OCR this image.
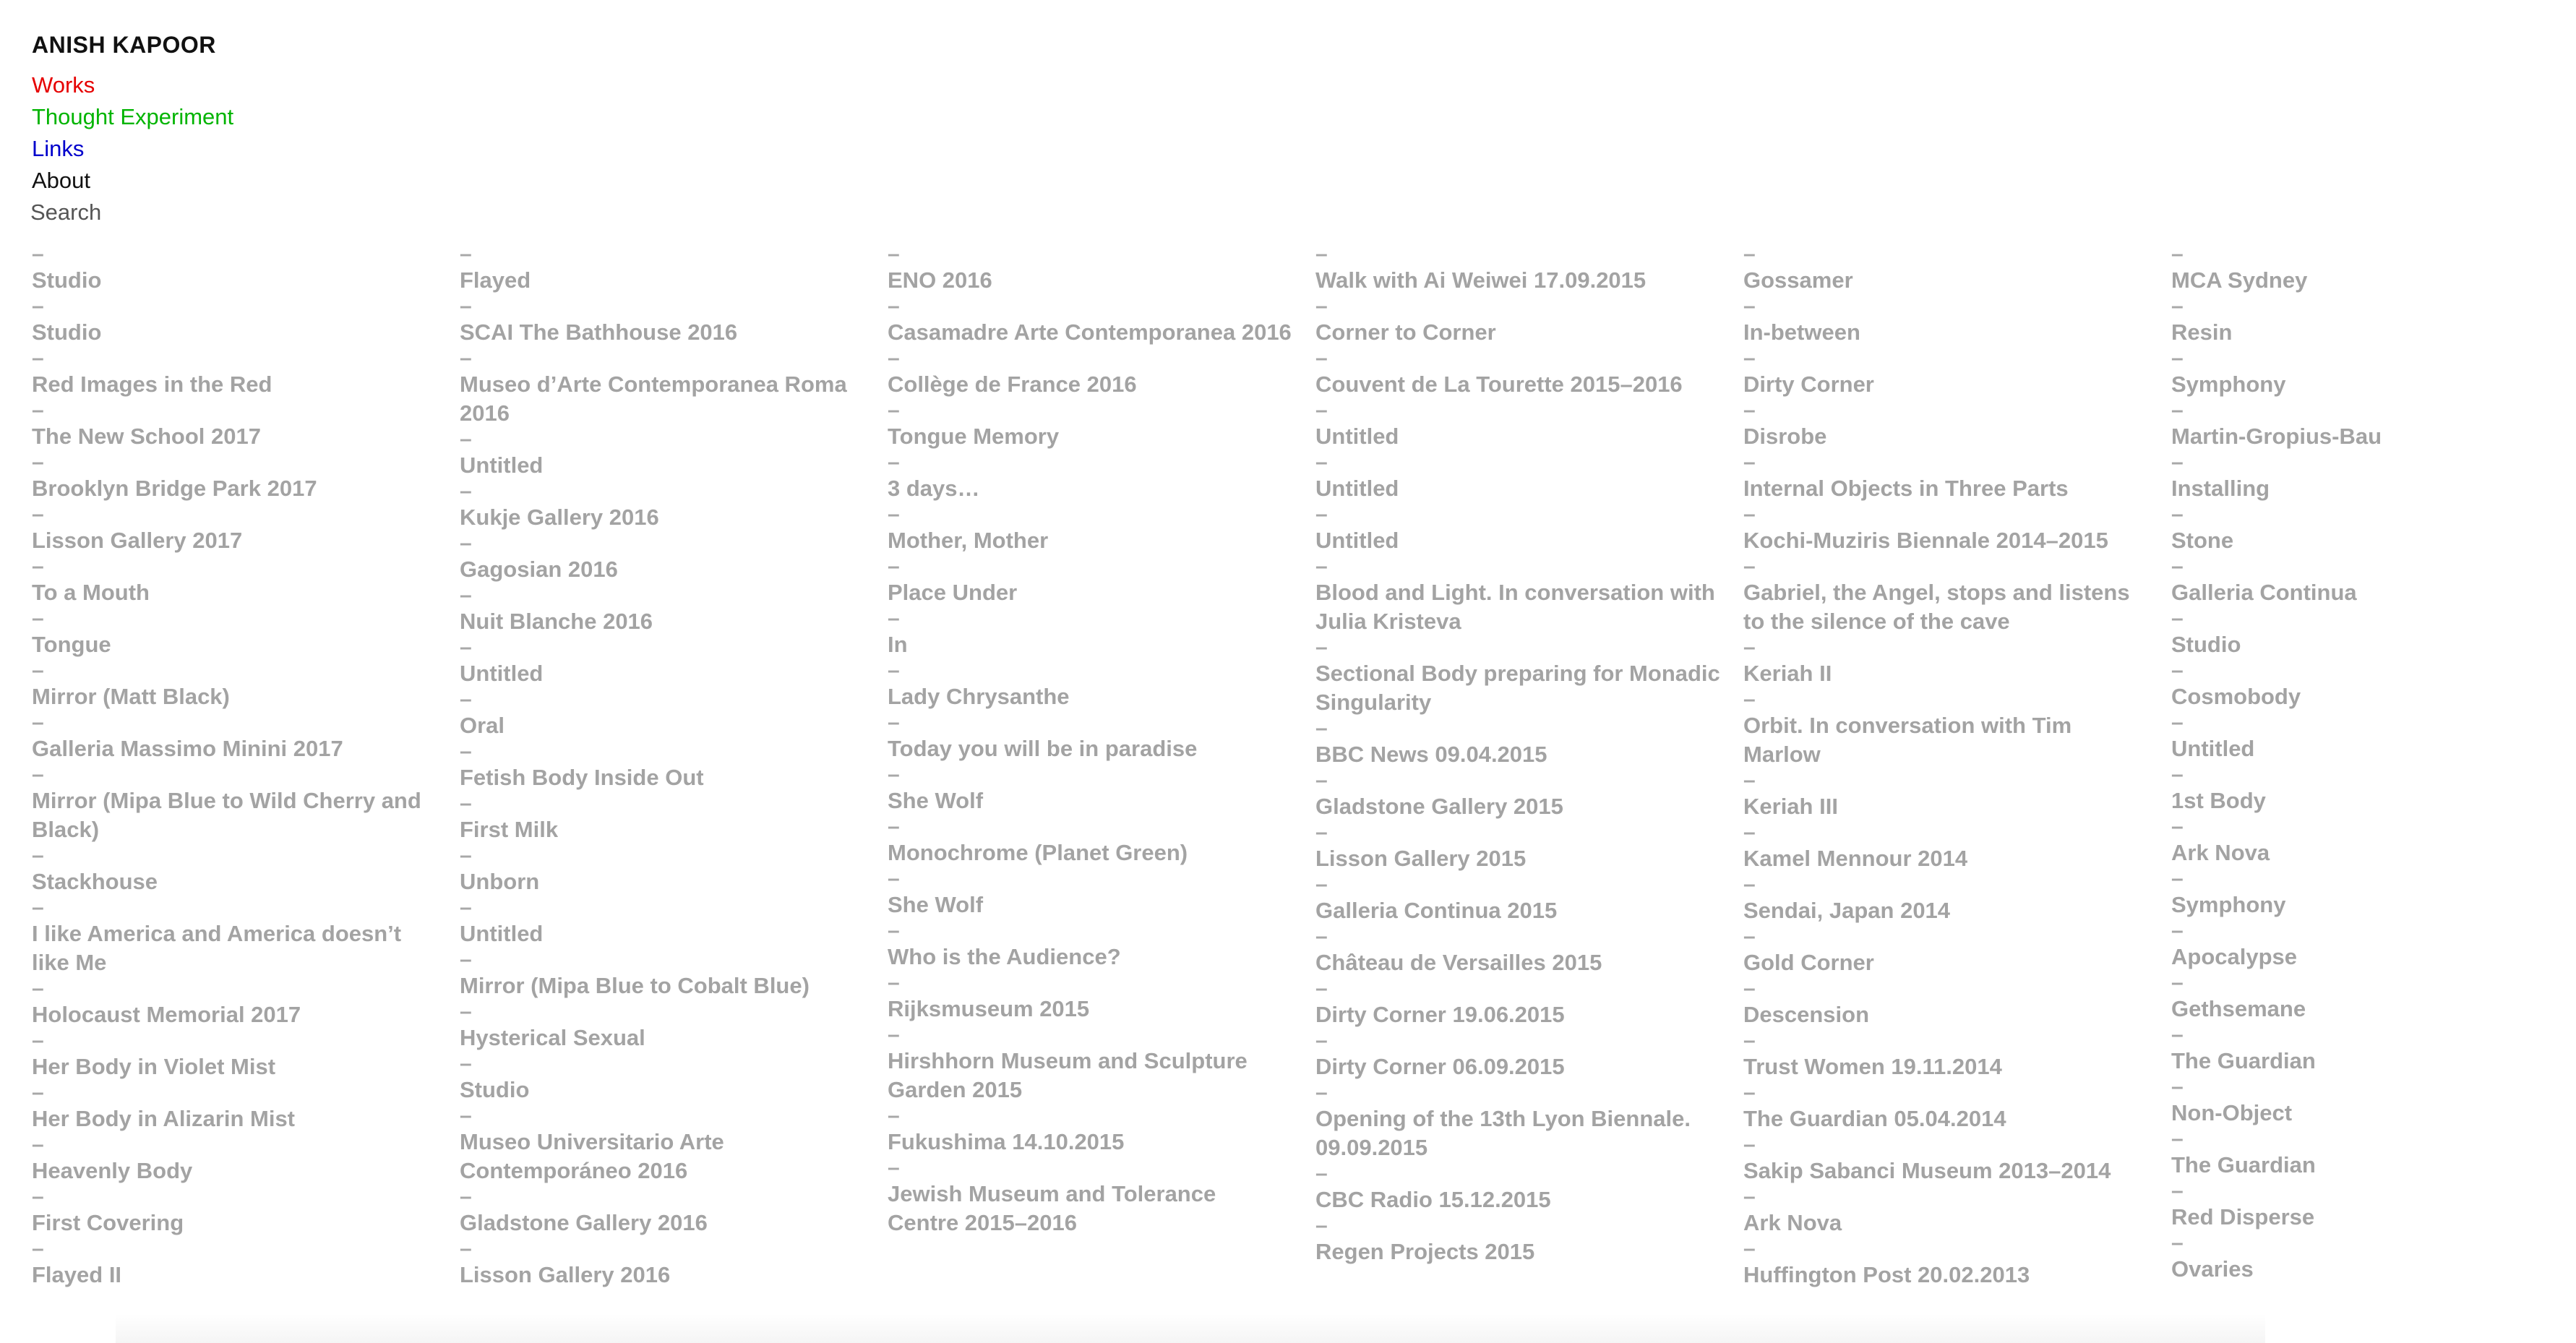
ANISH KAPOOR
Works
Thought Experiment
Links
About
Search
–
Studio
–
Studio
–
Red Images in the Red
–
The New School 2017
–
Brooklyn Bridge Park 2017
–
Lisson Gallery 2017
–
To a Mouth
–
Tongue
–
Mirror (Matt Black)
–
Galleria Massimo Minini 2017
–
Mirror (Mipa Blue to Wild Cherry and Black)
–
Stackhouse
–
I like America and America doesn’t like Me
–
Holocaust Memorial 2017
–
Her Body in Violet Mist
–
Her Body in Alizarin Mist
–
Heavenly Body
–
First Covering
–
Flayed II
–
Flayed
–
SCAI The Bathhouse 2016
–
Museo d’Arte Contemporanea Roma 2016
–
Untitled
–
Kukje Gallery 2016
–
Gagosian 2016
–
Nuit Blanche 2016
–
Untitled
–
Oral
–
Fetish Body Inside Out
–
First Milk
–
Unborn
–
Untitled
–
Mirror (Mipa Blue to Cobalt Blue)
–
Hysterical Sexual
–
Studio
–
Museo Universitario Arte Contemporáneo 2016
–
Gladstone Gallery 2016
–
Lisson Gallery 2016
–
ENO 2016
–
Casamadre Arte Contemporanea 2016
–
Collège de France 2016
–
Tongue Memory
–
3 days…
–
Mother, Mother
–
Place Under
–
In
–
Lady Chrysanthe
–
Today you will be in paradise
–
She Wolf
–
Monochrome (Planet Green)
–
She Wolf
–
Who is the Audience?
–
Rijksmuseum 2015
–
Hirshhorn Museum and Sculpture Garden 2015
–
Fukushima 14.10.2015
–
Jewish Museum and Tolerance Centre 2015–2016
–
Walk with Ai Weiwei 17.09.2015
–
Corner to Corner
–
Couvent de La Tourette 2015–2016
–
Untitled
–
Untitled
–
Untitled
–
Blood and Light. In conversation with Julia Kristeva
–
Sectional Body preparing for Monadic Singularity
–
BBC News 09.04.2015
–
Gladstone Gallery 2015
–
Lisson Gallery 2015
–
Galleria Continua 2015
–
Château de Versailles 2015
–
Dirty Corner 19.06.2015
–
Dirty Corner 06.09.2015
–
Opening of the 13th Lyon Biennale. 09.09.2015
–
CBC Radio 15.12.2015
–
Regen Projects 2015
–
Gossamer
–
In-between
–
Dirty Corner
–
Disrobe
–
Internal Objects in Three Parts
–
Kochi-Muziris Biennale 2014–2015
–
Gabriel, the Angel, stops and listens to the silence of the cave
–
Keriah II
–
Orbit. In conversation with Tim Marlow
–
Keriah III
–
Kamel Mennour 2014
–
Sendai, Japan 2014
–
Gold Corner
–
Descension
–
Trust Women 19.11.2014
–
The Guardian 05.04.2014
–
Sakip Sabanci Museum 2013–2014
–
Ark Nova
–
Huffington Post 20.02.2013
–
MCA Sydney
–
Resin
–
Symphony
–
Martin-Gropius-Bau
–
Installing
–
Stone
–
Galleria Continua
–
Studio
–
Cosmobody
–
Untitled
–
1st Body
–
Ark Nova
–
Symphony
–
Apocalypse
–
Gethsemane
–
The Guardian
–
Non-Object
–
The Guardian
–
Red Disperse
–
Ovaries
